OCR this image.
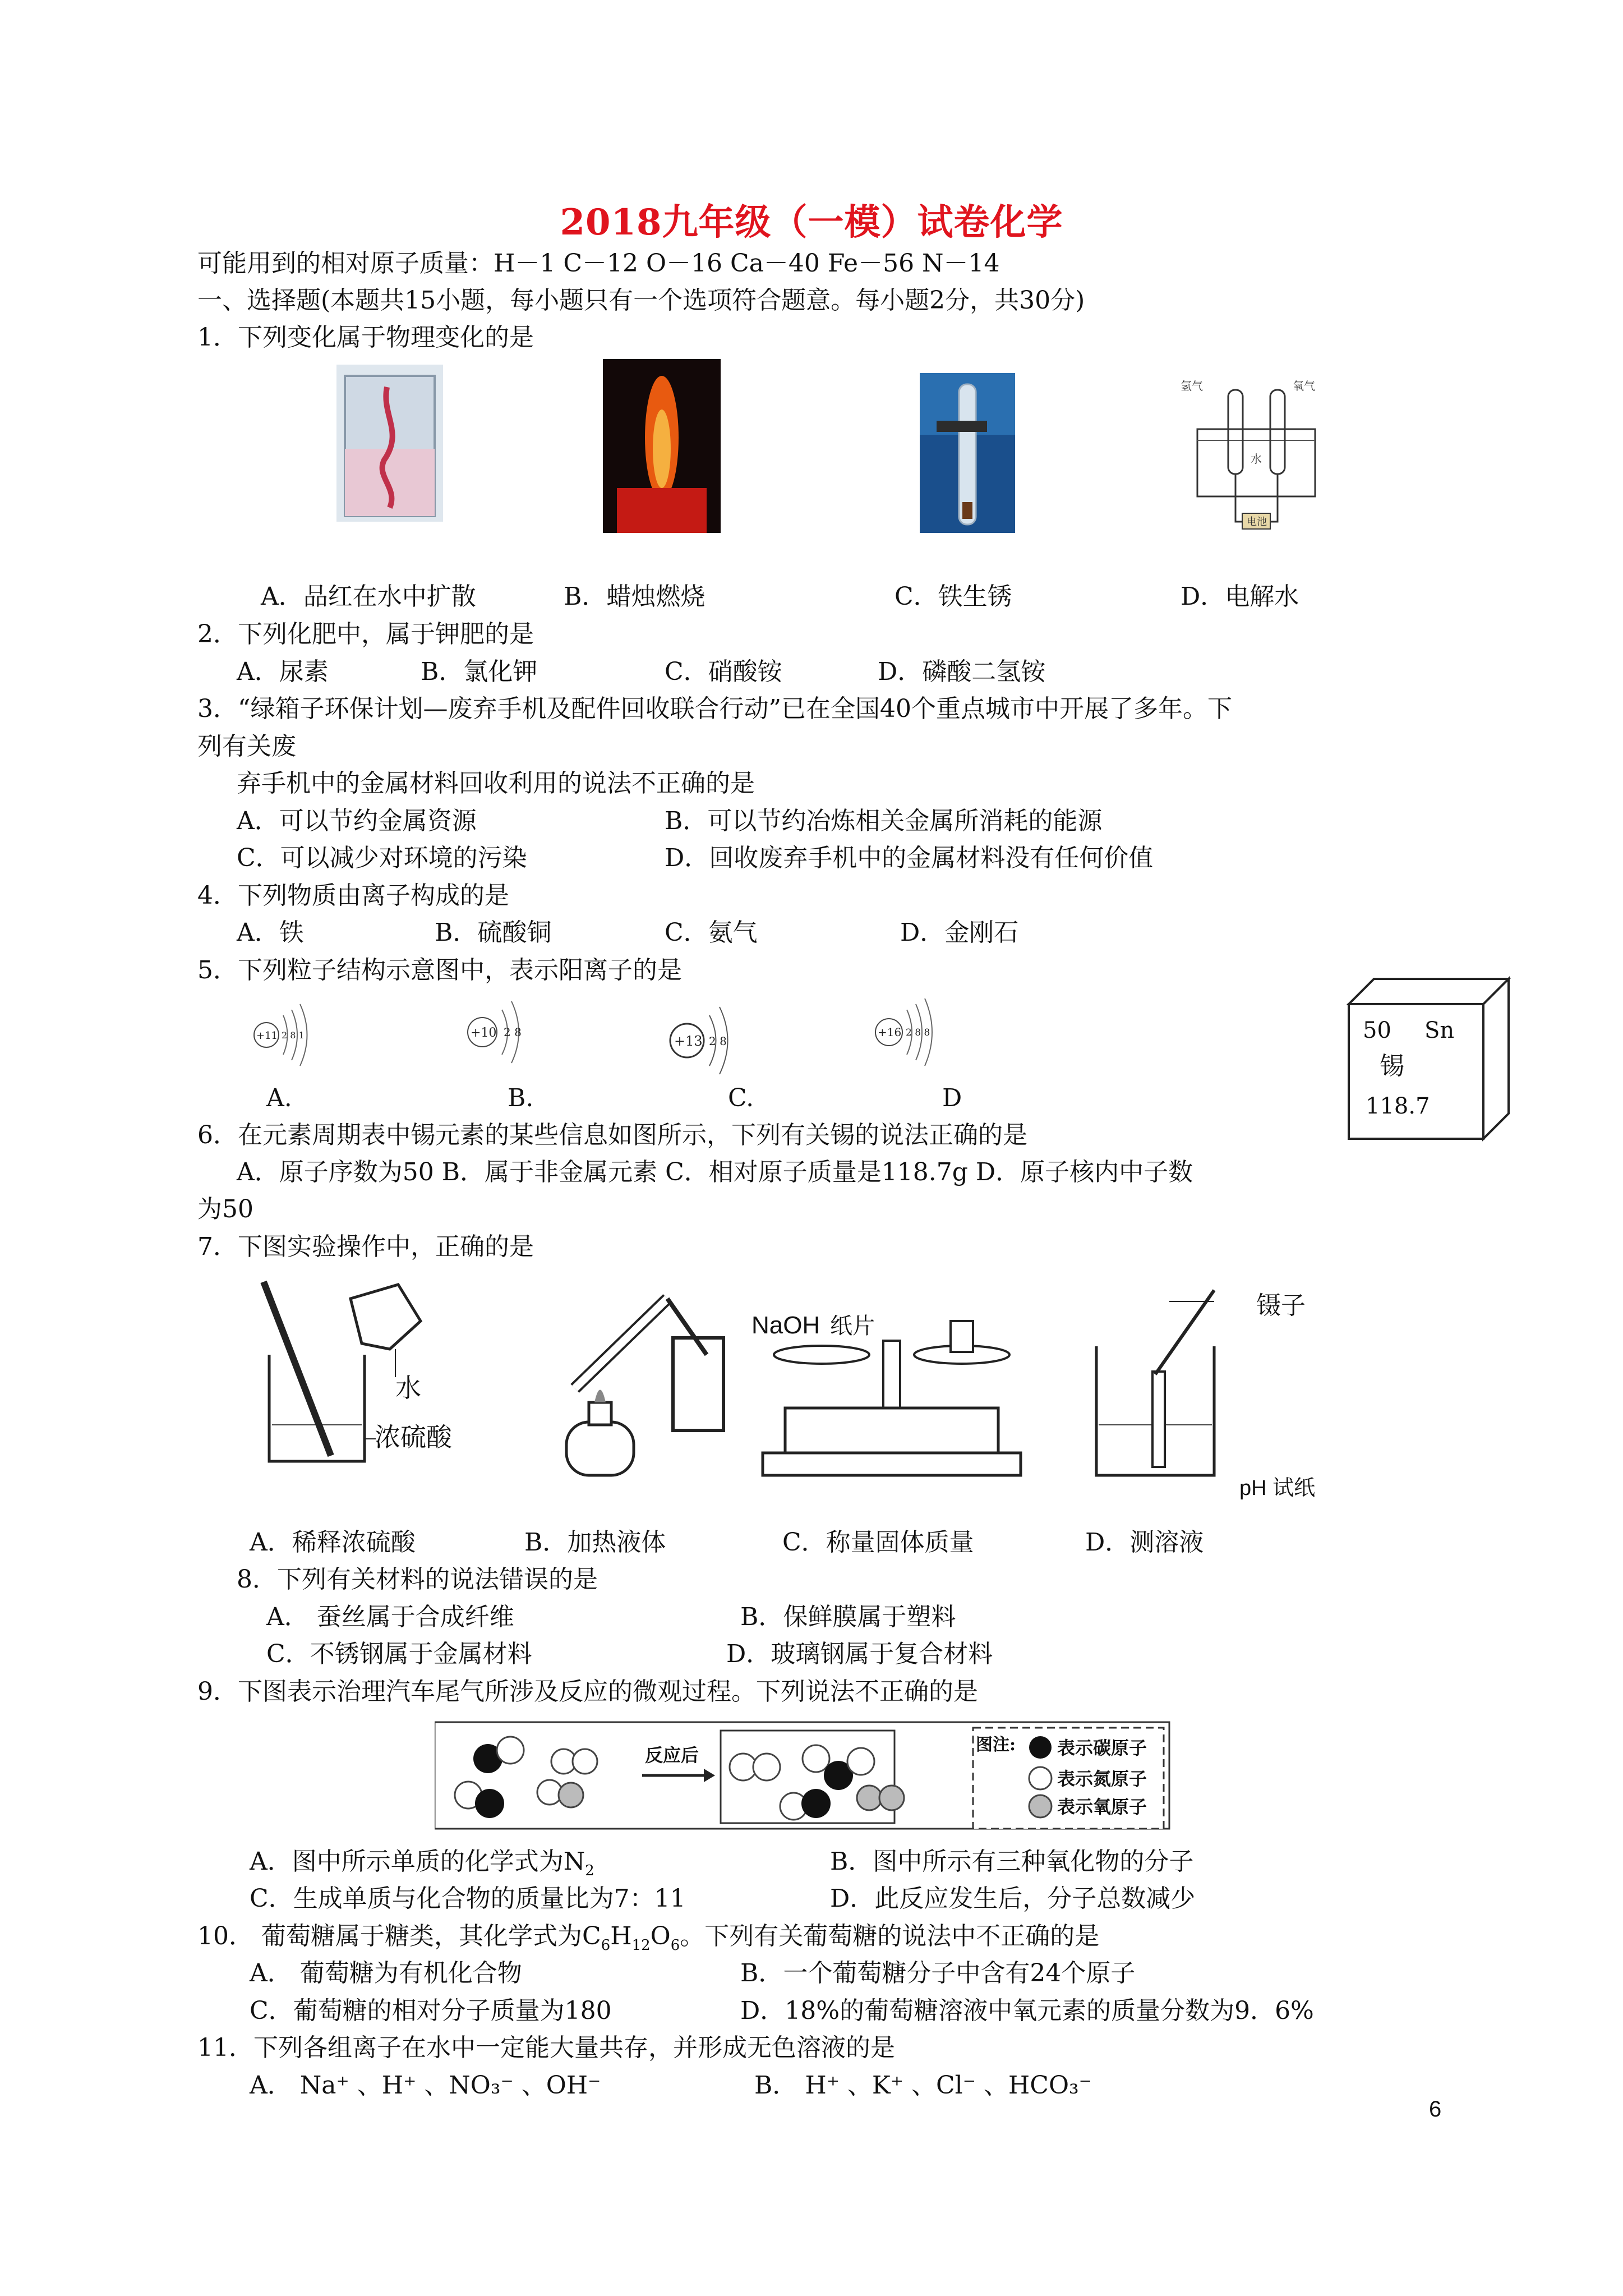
2018九年级（一模）试卷化学
可能用到的相对原子质量：H－1 C－12 O－16 Ca－40 Fe－56 N－14
一、选择题(本题共15小题，每小题只有一个选项符合题意。每小题2分，共30分)
1．下列变化属于物理变化的是
氢气	氧气
水
电池
A．品红在水中扩散	B．蜡烛燃烧	C．铁生锈	D．电解水
2．下列化肥中，属于钾肥的是
A．尿素	B．氯化钾	C．硝酸铵	D．磷酸二氢铵
3．“绿箱子环保计划—废弃手机及配件回收联合行动”已在全国40个重点城市中开展了多年。下
列有关废
弃手机中的金属材料回收利用的说法不正确的是
A．可以节约金属资源	B．可以节约冶炼相关金属所消耗的能源
C．可以减少对环境的污染	D．回收废弃手机中的金属材料没有任何价值
4．下列物质由离子构成的是
A．铁	B．硫酸铜	C．氨气	D．金刚石
5．下列粒子结构示意图中，表示阳离子的是
+11 2 8 1	+10 2 8
+13 2 8
+16 2 8 8
A.	B.	C.	D
50 Sn
锡
118.7
6．在元素周期表中锡元素的某些信息如图所示，下列有关锡的说法正确的是
A．原子序数为50 B．属于非金属元素 C．相对原子质量是118.7g D．原子核内中子数
为50
7．下图实验操作中，正确的是
水
浓硫酸
NaOH 纸片
镊子
pH 试纸
A．稀释浓硫酸	B．加热液体	C．称量固体质量	D．测溶液
8．下列有关材料的说法错误的是
A． 蚕丝属于合成纤维	B．保鲜膜属于塑料
C．不锈钢属于金属材料	D．玻璃钢属于复合材料
9．下图表示治理汽车尾气所涉及反应的微观过程。下列说法不正确的是
反应后	图注: 表示碳原子
表示氮原子
表示氧原子
A．图中所示单质的化学式为$N_2$	B．图中所示有三种氧化物的分子
C．生成单质与化合物的质量比为7：11	D．此反应发生后，分子总数减少
10． 葡萄糖属于糖类，其化学式为$C_6H_{12}O_6$。下列有关葡萄糖的说法中不正确的是
A． 葡萄糖为有机化合物	B．一个葡萄糖分子中含有24个原子
C．葡萄糖的相对分子质量为180	D．18%的葡萄糖溶液中氧元素的质量分数为9．6%
11．下列各组离子在水中一定能大量共存，并形成无色溶液的是
A． Na⁺ 、H⁺ 、NO₃⁻ 、OH⁻	B． H⁺ 、K⁺ 、Cl⁻ 、HCO₃⁻
6
